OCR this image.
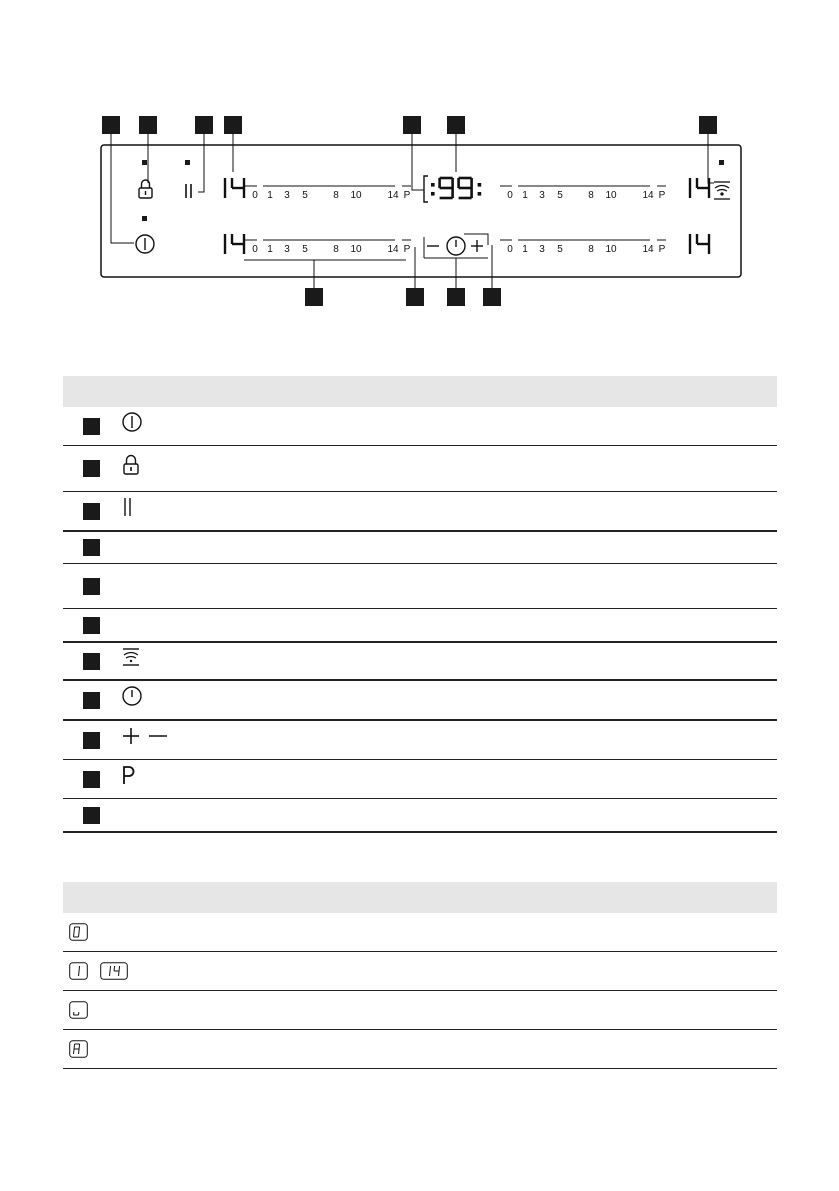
0 1 3 5	8 10	14 P
0 1 3 5	8 10	14 P
0 1 3 5	8 10	14 P
0 1 3 5	8 10	14 P
